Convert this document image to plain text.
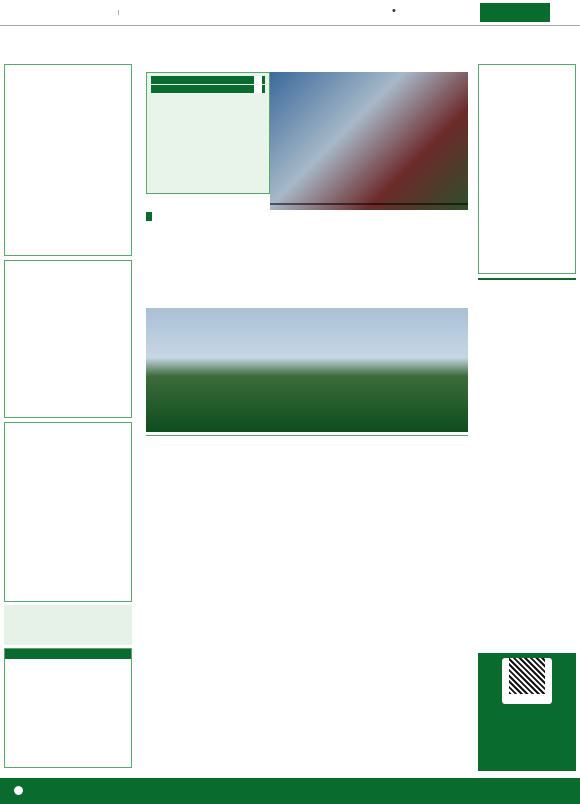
|	•
